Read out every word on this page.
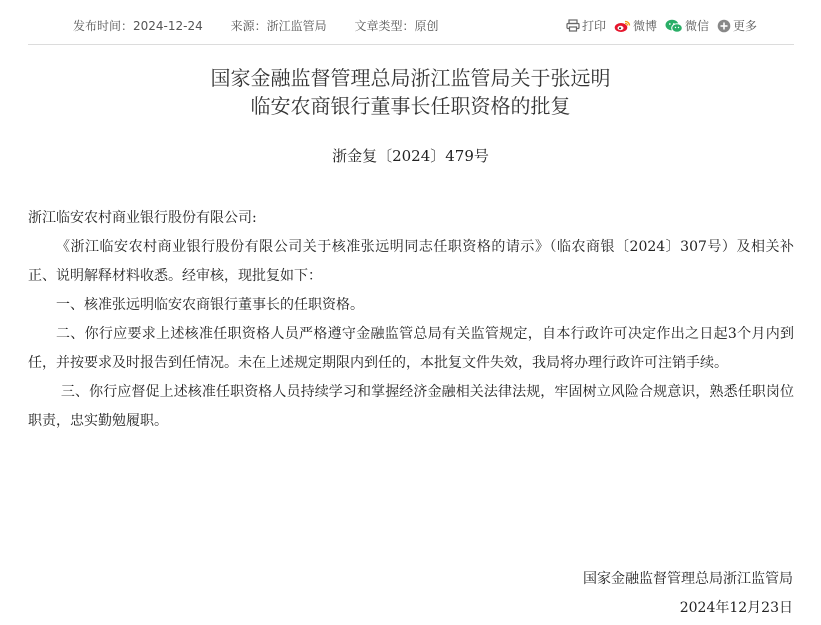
发布时间：2024-12-24 来源：浙江监管局 文章类型：原创	打印 微博 微信 更多
国家金融监督管理总局浙江监管局关于张远明
临安农商银行董事长任职资格的批复
浙金复〔2024〕479号

浙江临安农村商业银行股份有限公司:

《浙江临安农村商业银行股份有限公司关于核准张远明同志任职资格的请示》（临农商银〔2024〕307号）及相关补正、说明解释材料收悉。经审核，现批复如下：

一、核准张远明临安农商银行董事长的任职资格。

二、你行应要求上述核准任职资格人员严格遵守金融监管总局有关监管规定，自本行政许可决定作出之日起3个月内到任，并按要求及时报告到任情况。未在上述规定期限内到任的，本批复文件失效，我局将办理行政许可注销手续。

三、你行应督促上述核准任职资格人员持续学习和掌握经济金融相关法律法规，牢固树立风险合规意识，熟悉任职岗位职责，忠实勤勉履职。

国家金融监督管理总局浙江监管局
2024年12月23日
